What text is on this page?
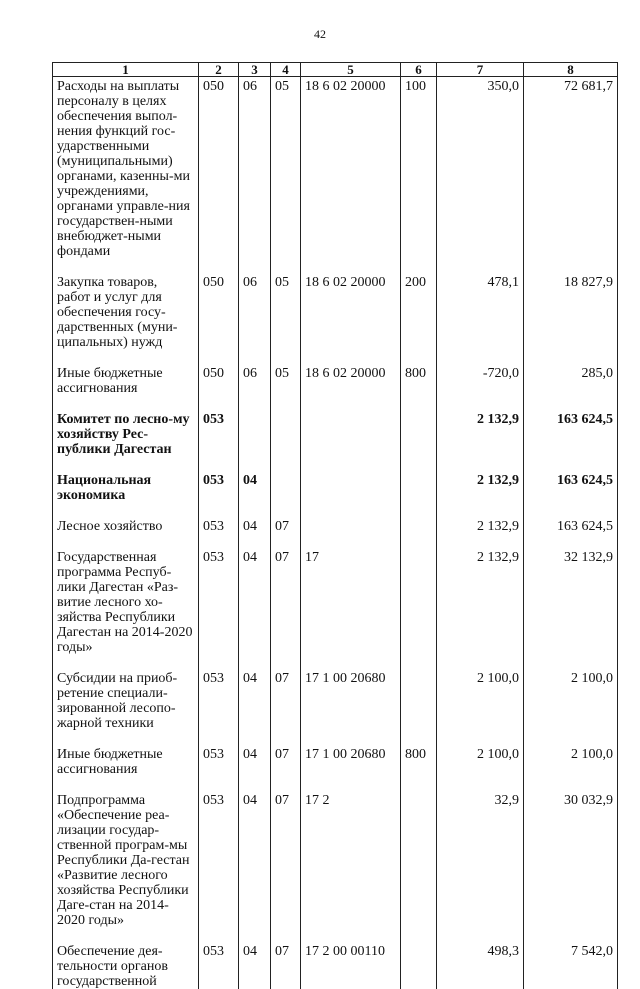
42
1	2	3	4	5	6	7	8
Расходы на выплаты персоналу в целях обеспечения выпол-нения функций гос-ударственными (муниципальными) органами, казенны-ми учреждениями, органами управле-ния государствен-ными внебюджет-ными фондами	050	06	05	18 6 02 20000	100	350,0	72 681,7
Закупка товаров, работ и услуг для обеспечения госу-дарственных (муни-ципальных) нужд	050	06	05	18 6 02 20000	200	478,1	18 827,9
Иные бюджетные ассигнования	050	06	05	18 6 02 20000	800	-720,0	285,0
Комитет по лесно-му хозяйству Рес-публики Дагестан	053					2 132,9	163 624,5
Национальная экономика	053	04				2 132,9	163 624,5
Лесное хозяйство	053	04	07			2 132,9	163 624,5
Государственная программа Респуб-лики Дагестан «Раз-витие лесного хо-зяйства Республики Дагестан на 2014-2020 годы»	053	04	07	17		2 132,9	32 132,9
Субсидии на приоб-ретение специали-зированной лесопо-жарной техники	053	04	07	17 1 00 20680		2 100,0	2 100,0
Иные бюджетные ассигнования	053	04	07	17 1 00 20680	800	2 100,0	2 100,0
Подпрограмма «Обеспечение реа-лизации государ-ственной програм-мы Республики Да-гестан «Развитие лесного хозяйства Республики Даге-стан на 2014-2020 годы»	053	04	07	17 2		32,9	30 032,9
Обеспечение дея-тельности органов государственной	053	04	07	17 2 00 00110		498,3	7 542,0
